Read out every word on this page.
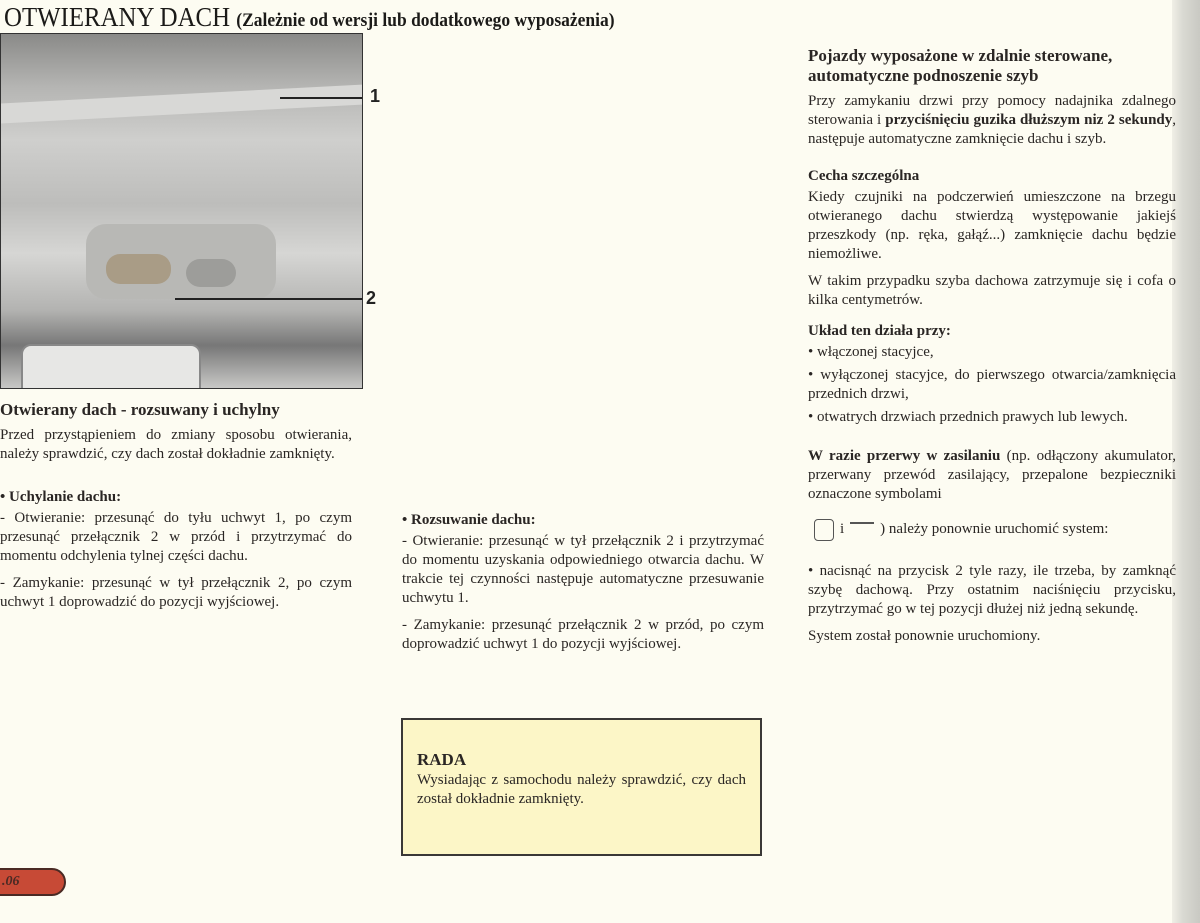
OTWIERANY DACH (Zależnie od wersji lub dodatkowego wyposażenia)
1
2
Otwierany dach - rozsuwany i uchylny

Przed przystąpieniem do zmiany sposobu otwierania, należy sprawdzić, czy dach został dokładnie zamknięty.

• Uchylanie dachu:

- Otwieranie: przesunąć do tyłu uchwyt 1, po czym przesunąć przełącznik 2 w przód i przytrzymać do momentu odchylenia tylnej części dachu.

- Zamykanie: przesunąć w tył przełącznik 2, po czym uchwyt 1 doprowadzić do pozycji wyjściowej.

• Rozsuwanie dachu:

- Otwieranie: przesunąć w tył przełącznik 2 i przytrzymać do momentu uzyskania odpowiedniego otwarcia dachu. W trakcie tej czynności następuje automatyczne przesuwanie uchwytu 1.

- Zamykanie: przesunąć przełącznik 2 w przód, po czym doprowadzić uchwyt 1 do pozycji wyjściowej.

RADA

Wysiadając z samochodu należy sprawdzić, czy dach został dokładnie zamknięty.

Pojazdy wyposażone w zdalnie sterowane, automatyczne podnoszenie szyb

Przy zamykaniu drzwi przy pomocy nadajnika zdalnego sterowania i przyciśnięciu guzika dłuższym niz 2 sekundy, następuje automatyczne zamknięcie dachu i szyb.

Cecha szczególna

Kiedy czujniki na podczerwień umieszczone na brzegu otwieranego dachu stwierdzą występowanie jakiejś przeszkody (np. ręka, gałąź...) zamknięcie dachu będzie niemożliwe.

W takim przypadku szyba dachowa zatrzymuje się i cofa o kilka centymetrów.

Układ ten działa przy:

• włączonej stacyjce,

• wyłączonej stacyjce, do pierwszego otwarcia/zamknięcia przednich drzwi,

• otwatrych drzwiach przednich prawych lub lewych.

W razie przerwy w zasilaniu (np. odłączony akumulator, przerwany przewód zasilający, przepalone bezpieczniki oznaczone symbolami
i ) należy ponownie uruchomić system:

• nacisnąć na przycisk 2 tyle razy, ile trzeba, by zamknąć szybę dachową. Przy ostatnim naciśnięciu przycisku, przytrzymać go w tej pozycji dłużej niż jedną sekundę.

System został ponownie uruchomiony.

.06
